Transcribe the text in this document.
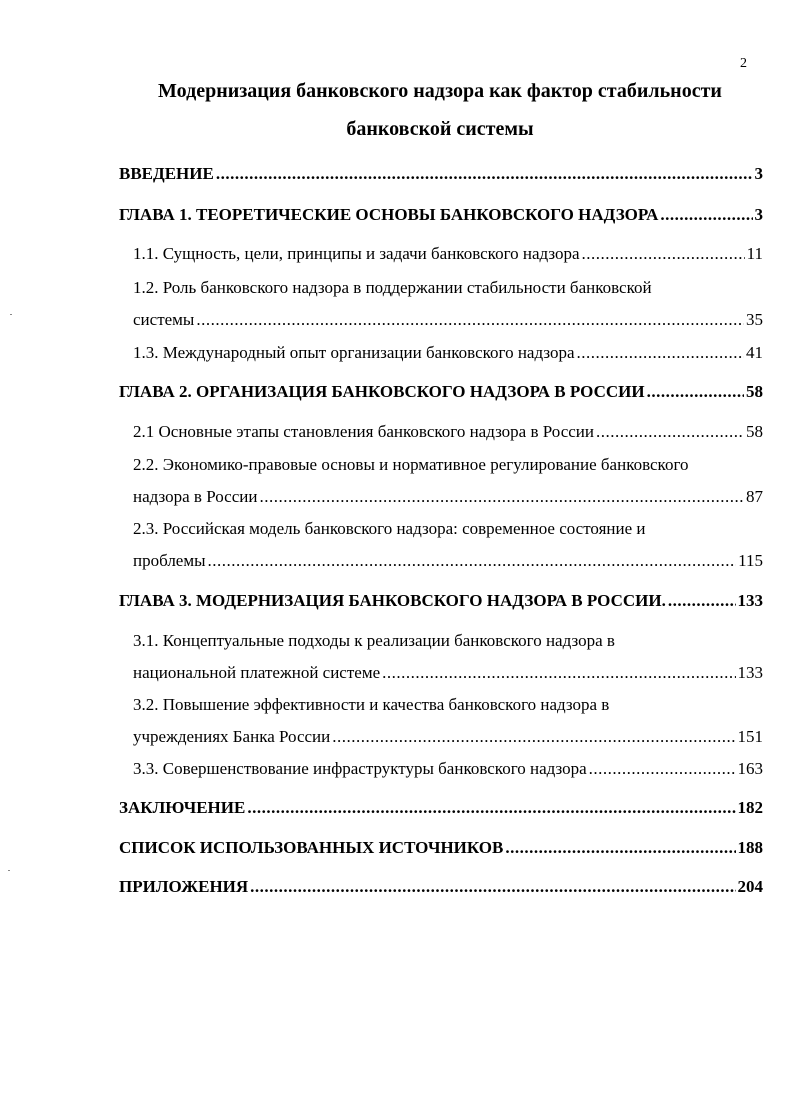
2
Модернизация банковского надзора как фактор стабильности
банковской системы
ВВЕДЕНИЕ .....	3
ГЛАВА 1. ТЕОРЕТИЧЕСКИЕ ОСНОВЫ БАНКОВСКОГО НАДЗОРА .....	3
1.1. Сущность, цели, принципы и задачи банковского надзора .....	11
1.2. Роль банковского надзора в поддержании стабильности банковской
системы .....	35
1.3. Международный опыт организации банковского надзора .....	41
ГЛАВА 2. ОРГАНИЗАЦИЯ БАНКОВСКОГО НАДЗОРА В РОССИИ .....	58
2.1 Основные этапы становления банковского надзора в России .....	58
2.2. Экономико-правовые основы и нормативное регулирование банковского
надзора в России .....	87
2.3. Российская модель банковского надзора: современное состояние и
проблемы .....	115
ГЛАВА 3. МОДЕРНИЗАЦИЯ БАНКОВСКОГО НАДЗОРА В РОССИИ. .....	133
3.1. Концептуальные подходы к реализации банковского надзора в
национальной платежной системе .....	133
3.2. Повышение эффективности и качества банковского надзора в
учреждениях Банка России .....	151
3.3. Совершенствование инфраструктуры банковского надзора .....	163
ЗАКЛЮЧЕНИЕ .....	182
СПИСОК ИСПОЛЬЗОВАННЫХ ИСТОЧНИКОВ .....	188
ПРИЛОЖЕНИЯ .....	204
